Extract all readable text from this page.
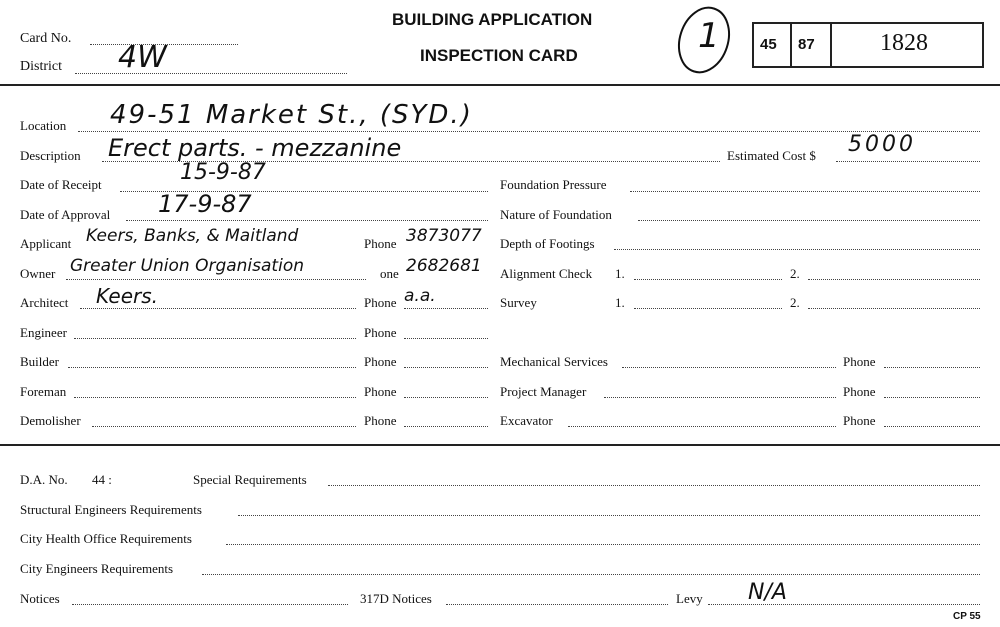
Card No.
District 4W
BUILDING APPLICATION
INSPECTION CARD	1	45 87	1828
Location 49-51 Market St., (SYD.)
Description Erect parts. - mezzanine	Estimated Cost $ 5000
Date of Receipt	15-9-87
Date of Approval 17-9-87
Applicant Keers, Banks, & Maitland	Phone 3873077
Owner Greater Union Organisation	one 2682681
Architect Keers.	Phone a.a.
Engineer	Phone
Builder	Phone
Foreman	Phone
Demolisher	Phone
Foundation Pressure
Nature of Foundation
Depth of Footings
Alignment Check 1.	2.
Survey	1.	2.
Mechanical Services	Phone
Project Manager	Phone
Excavator	Phone
D.A. No. 44 :	Special Requirements
Structural Engineers Requirements
City Health Office Requirements
City Engineers Requirements
Notices	317D Notices	Levy N/A
CP 55
